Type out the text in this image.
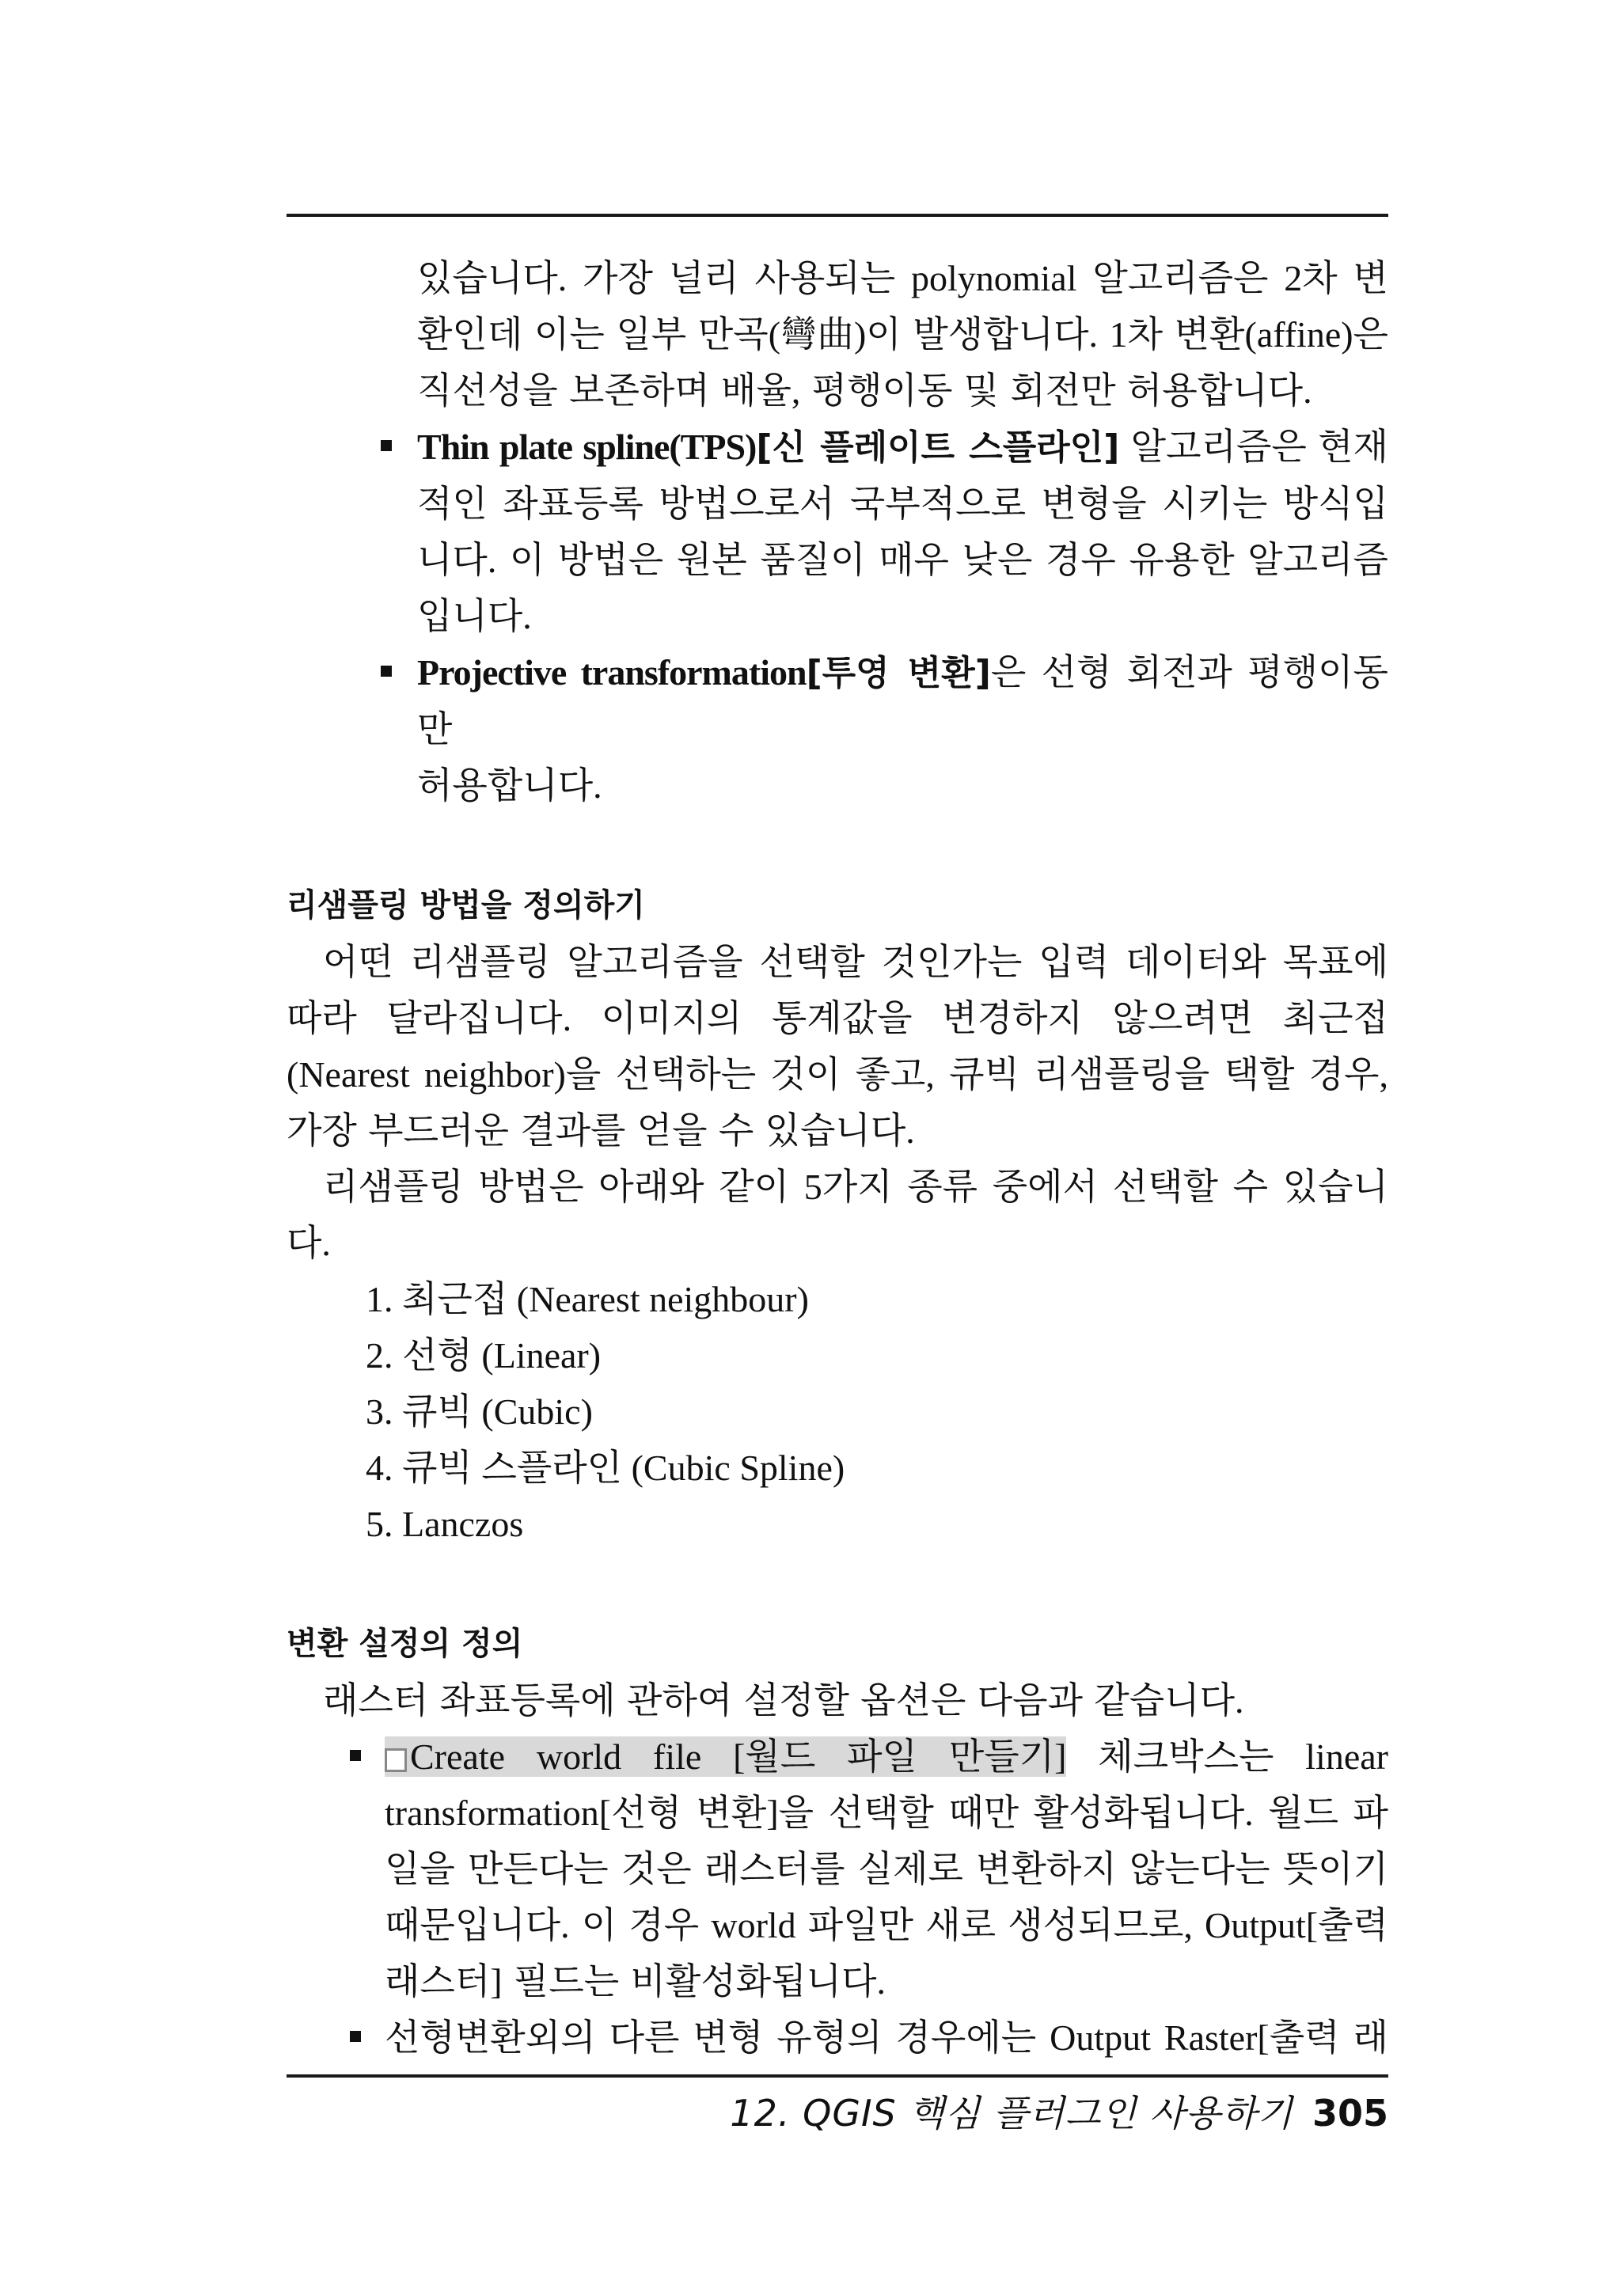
있습니다. 가장 널리 사용되는 polynomial 알고리즘은 2차 변

환인데 이는 일부 만곡(彎曲)이 발생합니다. 1차 변환(affine)은

직선성을 보존하며 배율, 평행이동 및 회전만 허용합니다.

Thin plate spline(TPS)[신 플레이트 스플라인] 알고리즘은 현재

적인 좌표등록 방법으로서 국부적으로 변형을 시키는 방식입

니다. 이 방법은 원본 품질이 매우 낮은 경우 유용한 알고리즘

입니다.

Projective transformation[투영 변환]은 선형 회전과 평행이동만

허용합니다.

리샘플링 방법을 정의하기

어떤 리샘플링 알고리즘을 선택할 것인가는 입력 데이터와 목표에

따라 달라집니다. 이미지의 통계값을 변경하지 않으려면 최근접

(Nearest neighbor)을 선택하는 것이 좋고, 큐빅 리샘플링을 택할 경우,

가장 부드러운 결과를 얻을 수 있습니다.

리샘플링 방법은 아래와 같이 5가지 종류 중에서 선택할 수 있습니

다.

1. 최근접 (Nearest neighbour)

2. 선형 (Linear)

3. 큐빅 (Cubic)

4. 큐빅 스플라인 (Cubic Spline)

5. Lanczos

변환 설정의 정의

래스터 좌표등록에 관하여 설정할 옵션은 다음과 같습니다.

Create world file [월드 파일 만들기] 체크박스는 linear

transformation[선형 변환]을 선택할 때만 활성화됩니다. 월드 파

일을 만든다는 것은 래스터를 실제로 변환하지 않는다는 뜻이기

때문입니다. 이 경우 world 파일만 새로 생성되므로, Output[출력

래스터] 필드는 비활성화됩니다.

선형변환외의 다른 변형 유형의 경우에는 Output Raster[출력 래

12. QGIS 핵심 플러그인 사용하기 305
